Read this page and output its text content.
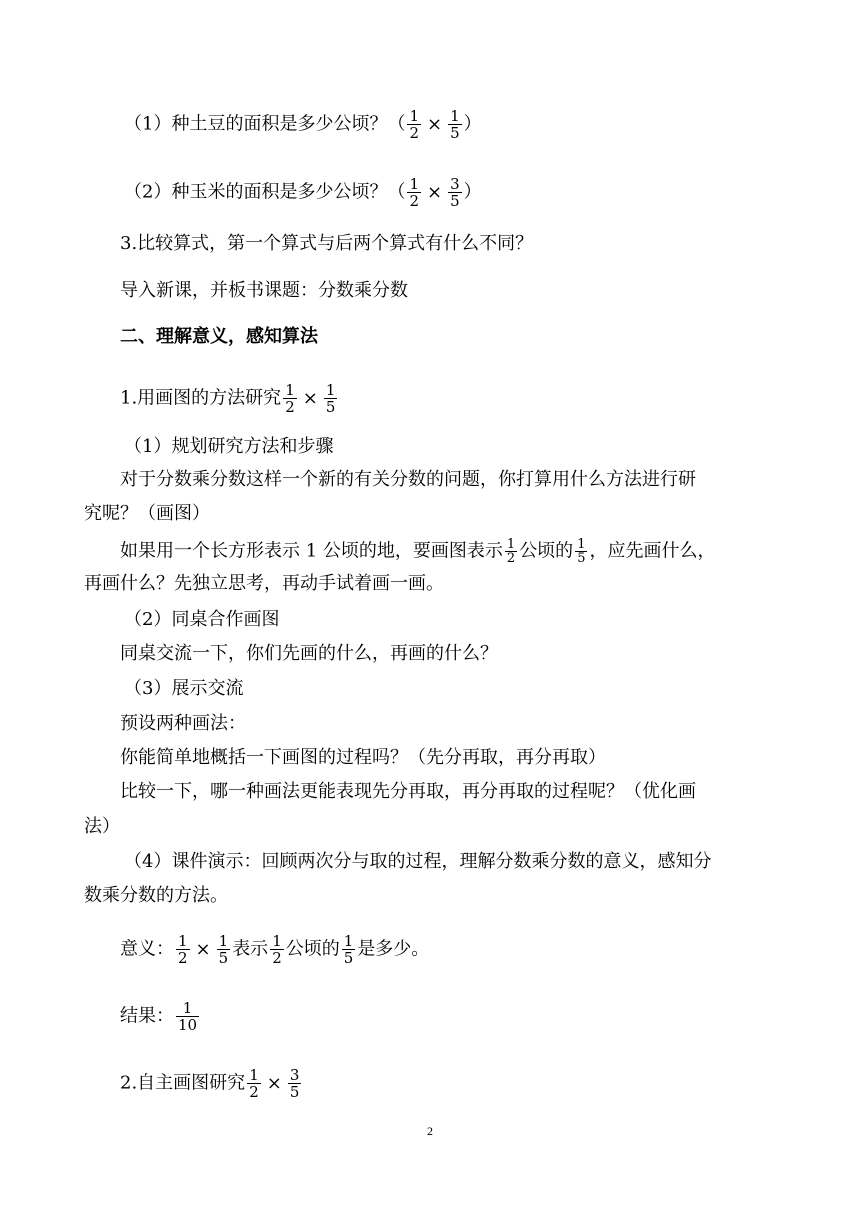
（1）种土豆的面积是多少公顷？（ $\frac{1}{2} \times \frac{1}{5}$ ）
（2）种玉米的面积是多少公顷？（ $\frac{1}{2} \times \frac{3}{5}$ ）
3.比较算式，第一个算式与后两个算式有什么不同？
导入新课，并板书课题：分数乘分数
二、理解意义，感知算法
1.用画图的方法研究 $\frac{1}{2} \times \frac{1}{5}$
（1）规划研究方法和步骤
对于分数乘分数这样一个新的有关分数的问题，你打算用什么方法进行研
究呢？（画图）
如果用一个长方形表示 1 公顷的地，要画图表示 $\frac{1}{2}$ 公顷的 $\frac{1}{5}$ ，应先画什么，
再画什么？先独立思考，再动手试着画一画。
（2）同桌合作画图
同桌交流一下，你们先画的什么，再画的什么？
（3）展示交流
预设两种画法：
你能简单地概括一下画图的过程吗？（先分再取，再分再取）
比较一下，哪一种画法更能表现先分再取，再分再取的过程呢？（优化画
法）
（4）课件演示：回顾两次分与取的过程，理解分数乘分数的意义，感知分
数乘分数的方法。
意义： $\frac{1}{2} \times \frac{1}{5}$ 表示 $\frac{1}{2}$ 公顷的 $\frac{1}{5}$ 是多少。
结果： $\frac{1}{10}$
2.自主画图研究 $\frac{1}{2} \times \frac{3}{5}$
2
